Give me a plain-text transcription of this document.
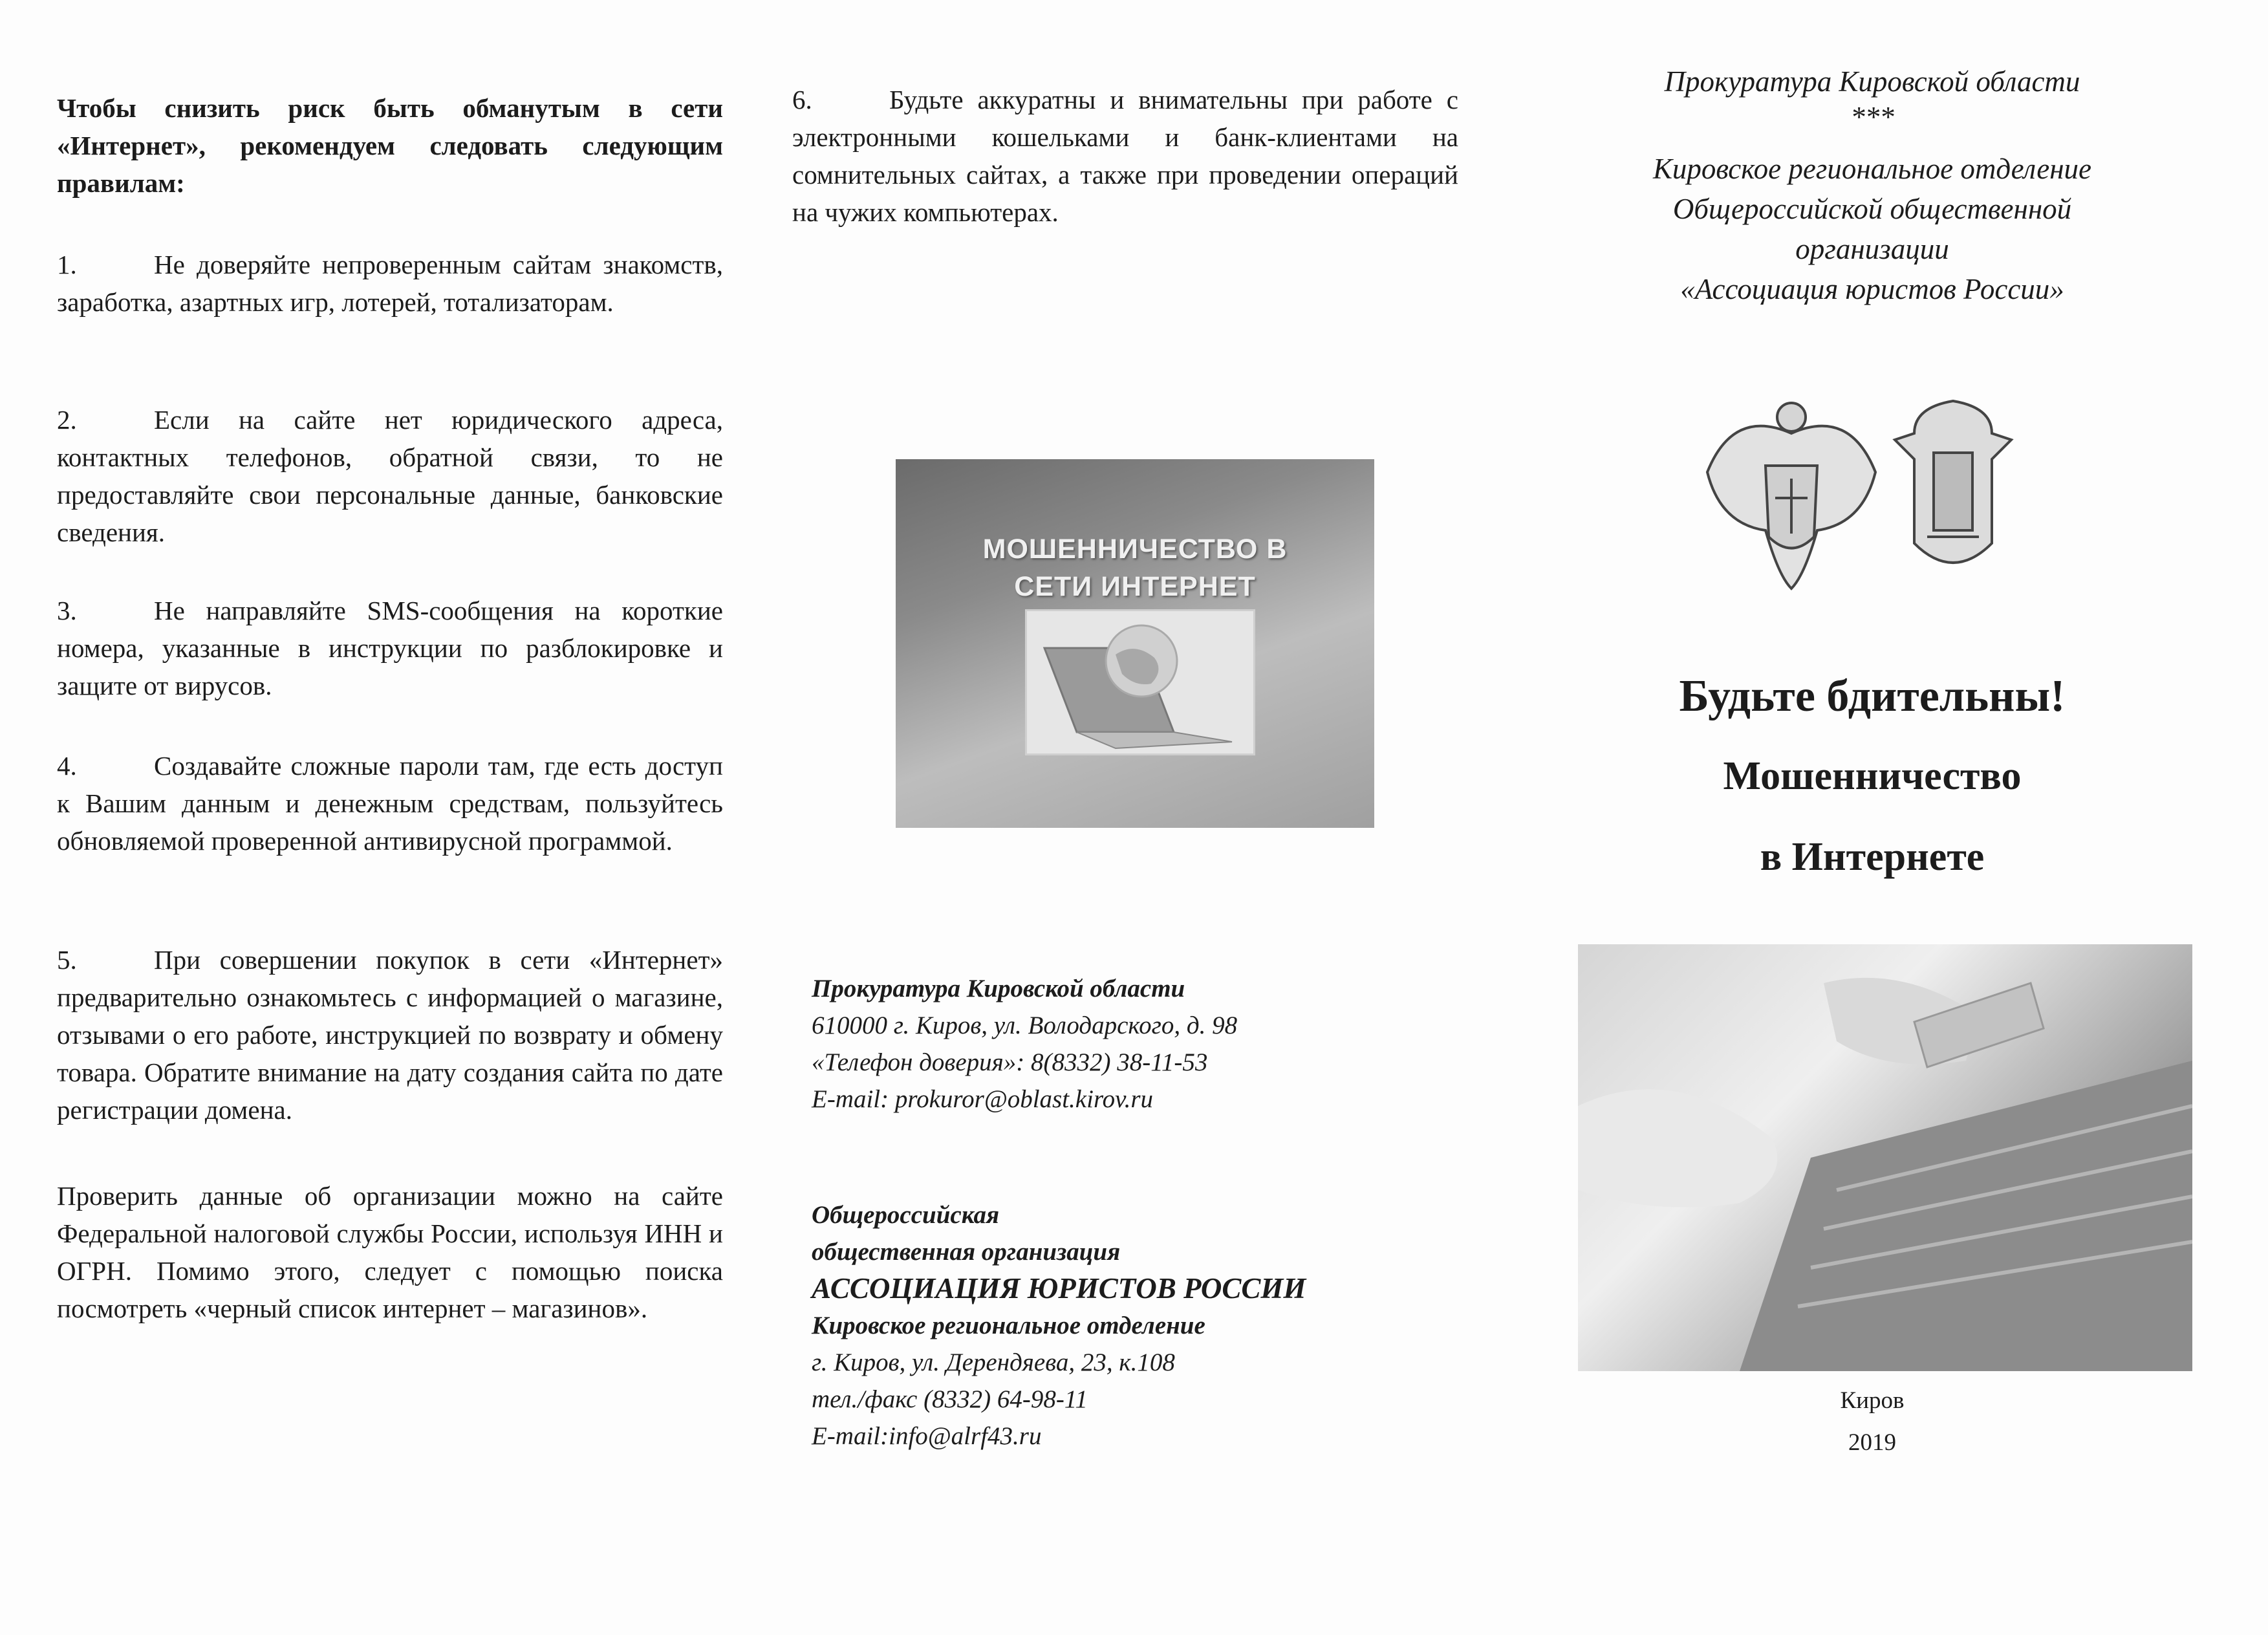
Чтобы снизить риск быть обманутым в сети «Интернет», рекомендуем следовать следующим правилам:
1.	Не доверяйте непроверенным сайтам знакомств, заработка, азартных игр, лотерей, тотализаторам.
2.	Если на сайте нет юридического адреса, контактных телефонов, обратной связи, то не предоставляйте свои персональные данные, банковские сведения.
3.	Не направляйте SMS-сообщения на короткие номера, указанные в инструкции по разблокировке и защите от вирусов.
4.	Создавайте сложные пароли там, где есть доступ к Вашим данным и денежным средствам, пользуйтесь обновляемой проверенной антивирусной программой.
5.	При совершении покупок в сети «Интернет» предварительно ознакомьтесь с информацией о магазине, отзывами о его работе, инструкцией по возврату и обмену товара. Обратите внимание на дату создания сайта по дате регистрации домена.
Проверить данные об организации можно на сайте Федеральной налоговой службы России, используя ИНН и ОГРН. Помимо этого, следует с помощью поиска посмотреть «черный список интернет – магазинов».
6.	Будьте аккуратны и внимательны при работе с электронными кошельками и банк-клиентами на сомнительных сайтах, а также при проведении операций на чужих компьютерах.
МОШЕННИЧЕСТВО В
СЕТИ ИНТЕРНЕТ
Прокуратура Кировской области
610000 г. Киров, ул. Володарского, д. 98
«Телефон доверия»: 8(8332) 38-11-53
E-mail: prokuror@oblast.kirov.ru
Общероссийская
общественная организация
АССОЦИАЦИЯ ЮРИСТОВ РОССИИ
Кировское региональное отделение
г. Киров, ул. Дерендяева, 23, к.108
тел./факс (8332) 64-98-11
E-mail:info@alrf43.ru
Прокуратура Кировской области
***
Кировское региональное отделение
Общероссийской общественной
организации
«Ассоциация юристов России»
Будьте бдительны!
Мошенничество
в Интернете
Киров
2019
